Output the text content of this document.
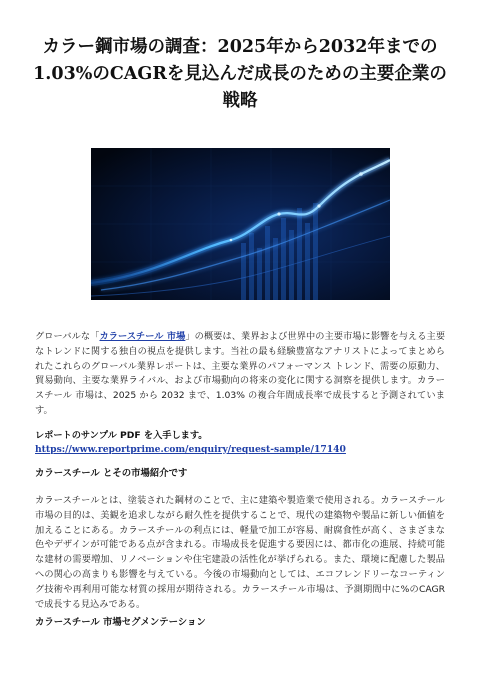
カラー鋼市場の調査：2025年から2032年までの1.03%のCAGRを見込んだ成長のための主要企業の戦略

グローバルな「カラースチール 市場」の概要は、業界および世界中の主要市場に影響を与える主要なトレンドに関する独自の視点を提供します。当社の最も経験豊富なアナリストによってまとめられたこれらのグローバル業界レポートは、主要な業界のパフォーマンス トレンド、需要の原動力、貿易動向、主要な業界ライバル、および市場動向の将来の変化に関する洞察を提供します。カラースチール 市場は、2025 から 2032 まで、1.03% の複合年間成長率で成長すると予測されています。

レポートのサンプル PDF を入手します。 https://www.reportprime.com/enquiry/request-sample/17140

カラースチール とその市場紹介です

カラースチールとは、塗装された鋼材のことで、主に建築や製造業で使用される。カラースチール市場の目的は、美観を追求しながら耐久性を提供することで、現代の建築物や製品に新しい価値を加えることにある。カラースチールの利点には、軽量で加工が容易、耐腐食性が高く、さまざまな色やデザインが可能である点が含まれる。市場成長を促進する要因には、都市化の進展、持続可能な建材の需要増加、リノベーションや住宅建設の活性化が挙げられる。また、環境に配慮した製品への関心の高まりも影響を与えている。今後の市場動向としては、エコフレンドリーなコーティング技術や再利用可能な材質の採用が期待される。カラースチール市場は、予測期間中に%のCAGRで成長する見込みである。

カラースチール 市場セグメンテーション
